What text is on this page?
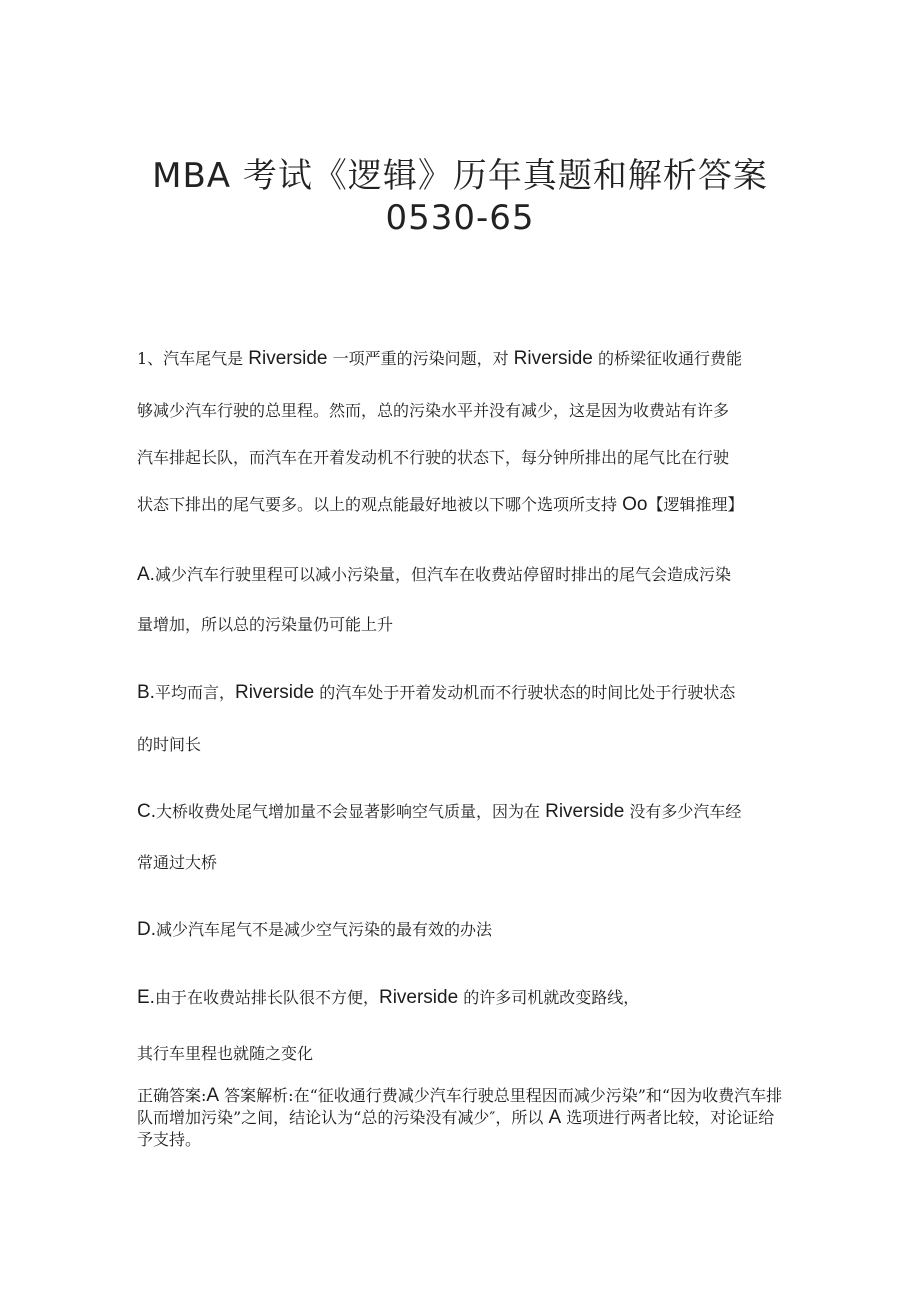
MBA 考试《逻辑》历年真题和解析答案
0530-65
1、汽车尾气是 Riverside 一项严重的污染问题，对 Riverside 的桥梁征收通行费能
够减少汽车行驶的总里程。然而，总的污染水平并没有减少，这是因为收费站有许多
汽车排起长队，而汽车在开着发动机不行驶的状态下，每分钟所排出的尾气比在行驶
状态下排出的尾气要多。以上的观点能最好地被以下哪个选项所支持 Oo【逻辑推理】
A.减少汽车行驶里程可以减小污染量，但汽车在收费站停留时排出的尾气会造成污染
量增加，所以总的污染量仍可能上升
B.平均而言，Riverside 的汽车处于开着发动机而不行驶状态的时间比处于行驶状态
的时间长
C.大桥收费处尾气增加量不会显著影响空气质量，因为在 Riverside 没有多少汽车经
常通过大桥
D.减少汽车尾气不是减少空气污染的最有效的办法
E.由于在收费站排长队很不方便，Riverside 的许多司机就改变路线，
其行车里程也就随之变化
正确答案:A 答案解析:在“征收通行费减少汽车行驶总里程因而减少污染”和“因为收费汽车排队而增加污染”之间，结论认为“总的污染没有减少″，所以 A 选项进行两者比较，对论证给予支持。
